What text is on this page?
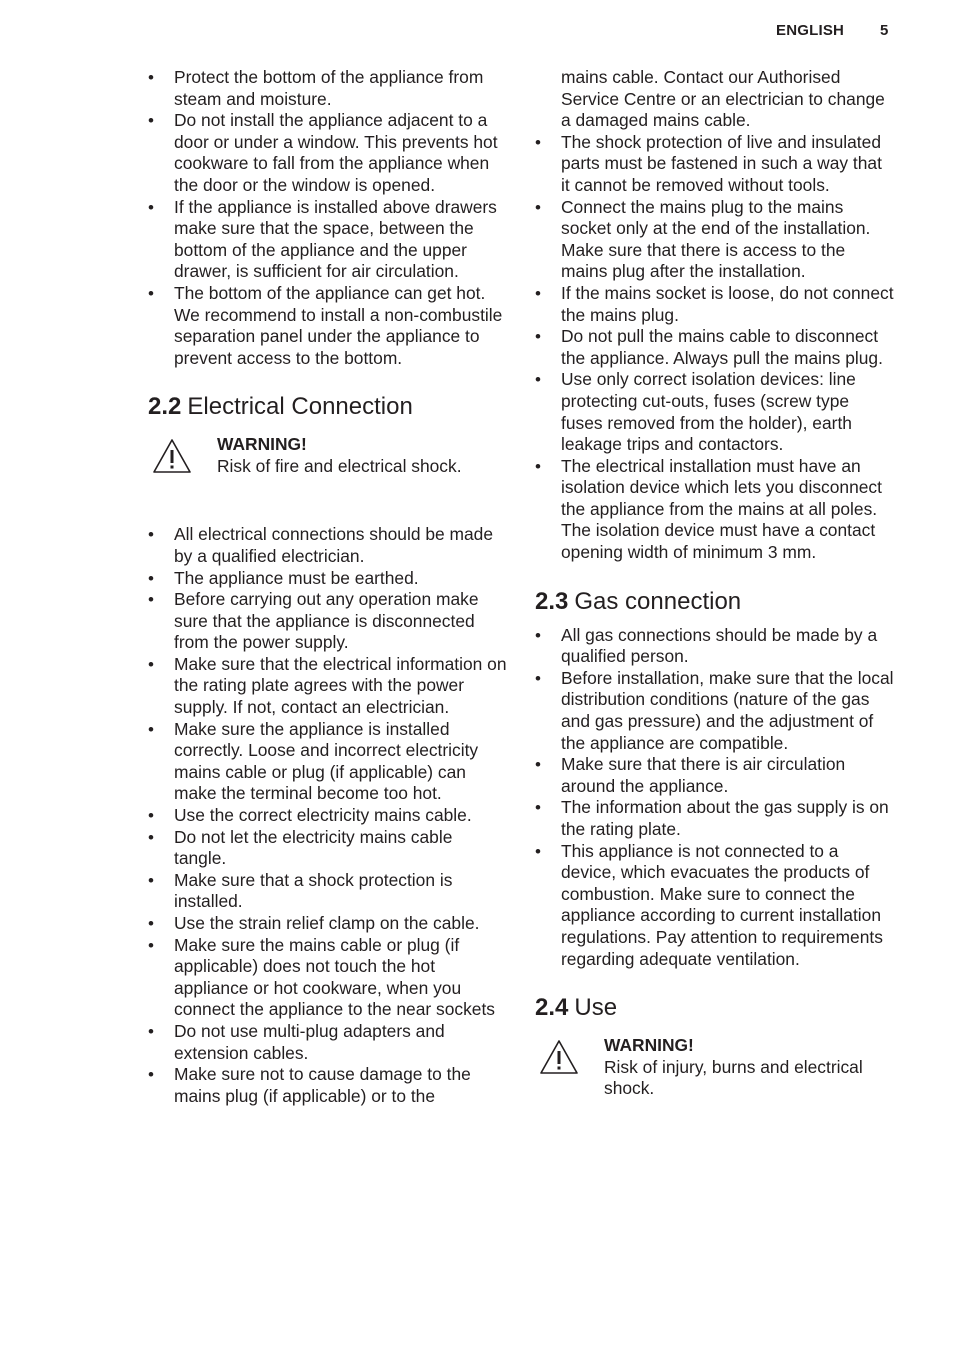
ENGLISH 5
• Protect the bottom of the appliance from steam and moisture.
• Do not install the appliance adjacent to a door or under a window. This prevents hot cookware to fall from the appliance when the door or the window is opened.
• If the appliance is installed above drawers make sure that the space, between the bottom of the appliance and the upper drawer, is sufficient for air circulation.
• The bottom of the appliance can get hot. We recommend to install a non-combustile separation panel under the appliance to prevent access to the bottom.
2.2 Electrical Connection
WARNING!
Risk of fire and electrical shock.
• All electrical connections should be made by a qualified electrician.
• The appliance must be earthed.
• Before carrying out any operation make sure that the appliance is disconnected from the power supply.
• Make sure that the electrical information on the rating plate agrees with the power supply. If not, contact an electrician.
• Make sure the appliance is installed correctly. Loose and incorrect electricity mains cable or plug (if applicable) can make the terminal become too hot.
• Use the correct electricity mains cable.
• Do not let the electricity mains cable tangle.
• Make sure that a shock protection is installed.
• Use the strain relief clamp on the cable.
• Make sure the mains cable or plug (if applicable) does not touch the hot appliance or hot cookware, when you connect the appliance to the near sockets
• Do not use multi-plug adapters and extension cables.
• Make sure not to cause damage to the mains plug (if applicable) or to the

mains cable. Contact our Authorised Service Centre or an electrician to change a damaged mains cable.

• The shock protection of live and insulated parts must be fastened in such a way that it cannot be removed without tools.
• Connect the mains plug to the mains socket only at the end of the installation. Make sure that there is access to the mains plug after the installation.
• If the mains socket is loose, do not connect the mains plug.
• Do not pull the mains cable to disconnect the appliance. Always pull the mains plug.
• Use only correct isolation devices: line protecting cut-outs, fuses (screw type fuses removed from the holder), earth leakage trips and contactors.
• The electrical installation must have an isolation device which lets you disconnect the appliance from the mains at all poles. The isolation device must have a contact opening width of minimum 3 mm.
2.3 Gas connection
• All gas connections should be made by a qualified person.
• Before installation, make sure that the local distribution conditions (nature of the gas and gas pressure) and the adjustment of the appliance are compatible.
• Make sure that there is air circulation around the appliance.
• The information about the gas supply is on the rating plate.
• This appliance is not connected to a device, which evacuates the products of combustion. Make sure to connect the appliance according to current installation regulations. Pay attention to requirements regarding adequate ventilation.
2.4 Use
WARNING!
Risk of injury, burns and electrical shock.
